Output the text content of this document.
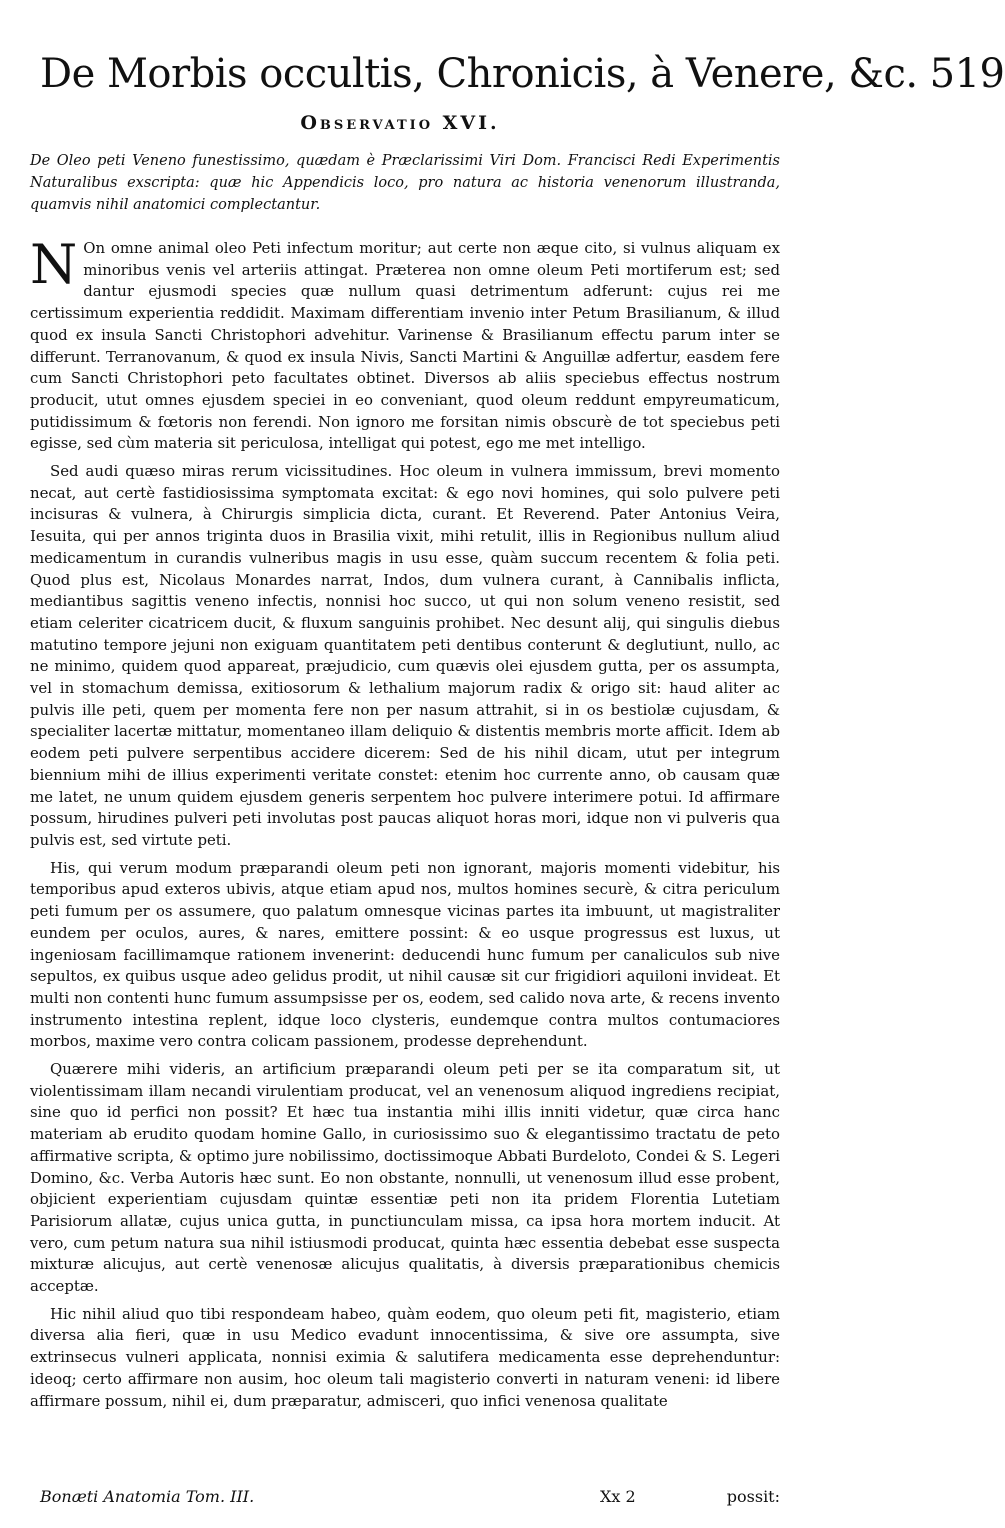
De Morbis occultis, Chronicis, à Venere, &c. 519
Observatio XVI.
De Oleo peti Veneno funestissimo, quædam è Præclarissimi Viri Dom. Francisci Redi Experimentis Naturalibus exscripta: quæ hic Appendicis loco, pro natura ac historia venenorum illustranda, quamvis nihil anatomici complectantur.

N On omne animal oleo Peti infectum moritur; aut certe non æque cito, si vulnus aliquam ex minoribus venis vel arteriis attingat. Præterea non omne oleum Peti mortiferum est; sed dantur ejusmodi species quæ nullum quasi detrimentum adferunt: cujus rei me certissimum experientia reddidit. Maximam differentiam invenio inter Petum Brasilianum, & illud quod ex insula Sancti Christophori advehitur. Varinense & Brasilianum effectu parum inter se differunt. Terranovanum, & quod ex insula Nivis, Sancti Martini & Anguillæ adfertur, easdem fere cum Sancti Christophori peto facultates obtinet. Diversos ab aliis speciebus effectus nostrum producit, utut omnes ejusdem speciei in eo conveniant, quod oleum reddunt empyreumaticum, putidissimum & fœtoris non ferendi. Non ignoro me forsitan nimis obscurè de tot speciebus peti egisse, sed cùm materia sit periculosa, intelligat qui potest, ego me met intelligo.

Sed audi quæso miras rerum vicissitudines. Hoc oleum in vulnera immissum, brevi momento necat, aut certè fastidiosissima symptomata excitat: & ego novi homines, qui solo pulvere peti incisuras & vulnera, à Chirurgis simplicia dicta, curant. Et Reverend. Pater Antonius Veira, Iesuita, qui per annos triginta duos in Brasilia vixit, mihi retulit, illis in Regionibus nullum aliud medicamentum in curandis vulneribus magis in usu esse, quàm succum recentem & folia peti. Quod plus est, Nicolaus Monardes narrat, Indos, dum vulnera curant, à Cannibalis inflicta, mediantibus sagittis veneno infectis, nonnisi hoc succo, ut qui non solum veneno resistit, sed etiam celeriter cicatricem ducit, & fluxum sanguinis prohibet. Nec desunt alij, qui singulis diebus matutino tempore jejuni non exiguam quantitatem peti dentibus conterunt & deglutiunt, nullo, ac ne minimo, quidem quod appareat, præjudicio, cum quævis olei ejusdem gutta, per os assumpta, vel in stomachum demissa, exitiosorum & lethalium majorum radix & origo sit: haud aliter ac pulvis ille peti, quem per momenta fere non per nasum attrahit, si in os bestiolæ cujusdam, & specialiter lacertæ mittatur, momentaneo illam deliquio & distentis membris morte afficit. Idem ab eodem peti pulvere serpentibus accidere dicerem: Sed de his nihil dicam, utut per integrum biennium mihi de illius experimenti veritate constet: etenim hoc currente anno, ob causam quæ me latet, ne unum quidem ejusdem generis serpentem hoc pulvere interimere potui. Id affirmare possum, hirudines pulveri peti involutas post paucas aliquot horas mori, idque non vi pulveris qua pulvis est, sed virtute peti.

His, qui verum modum præparandi oleum peti non ignorant, majoris momenti videbitur, his temporibus apud exteros ubivis, atque etiam apud nos, multos homines securè, & citra periculum peti fumum per os assumere, quo palatum omnesque vicinas partes ita imbuunt, ut magistraliter eundem per oculos, aures, & nares, emittere possint: & eo usque progressus est luxus, ut ingeniosam facillimamque rationem invenerint: deducendi hunc fumum per canaliculos sub nive sepultos, ex quibus usque adeo gelidus prodit, ut nihil causæ sit cur frigidiori aquiloni invideat. Et multi non contenti hunc fumum assumpsisse per os, eodem, sed calido nova arte, & recens invento instrumento intestina replent, idque loco clysteris, eundemque contra multos contumaciores morbos, maxime vero contra colicam passionem, prodesse deprehendunt.

Quærere mihi videris, an artificium præparandi oleum peti per se ita comparatum sit, ut violentissimam illam necandi virulentiam producat, vel an venenosum aliquod ingrediens recipiat, sine quo id perfici non possit? Et hæc tua instantia mihi illis inniti videtur, quæ circa hanc materiam ab erudito quodam homine Gallo, in curiosissimo suo & elegantissimo tractatu de peto affirmative scripta, & optimo jure nobilissimo, doctissimoque Abbati Burdeloto, Condei & S. Legeri Domino, &c. Verba Autoris hæc sunt. Eo non obstante, nonnulli, ut venenosum illud esse probent, objicient experientiam cujusdam quintæ essentiæ peti non ita pridem Florentia Lutetiam Parisiorum allatæ, cujus unica gutta, in punctiunculam missa, ca ipsa hora mortem inducit. At vero, cum petum natura sua nihil istiusmodi producat, quinta hæc essentia debebat esse suspecta mixturæ alicujus, aut certè venenosæ alicujus qualitatis, à diversis præparationibus chemicis acceptæ.

Hic nihil aliud quo tibi respondeam habeo, quàm eodem, quo oleum peti fit, magisterio, etiam diversa alia fieri, quæ in usu Medico evadunt innocentissima, & sive ore assumpta, sive extrinsecus vulneri applicata, nonnisi eximia & salutifera medicamenta esse deprehenduntur: ideoq; certo affirmare non ausim, hoc oleum tali magisterio converti in naturam veneni: id libere affirmare possum, nihil ei, dum præparatur, admisceri, quo infici venenosa qualitate

Bonæti Anatomia Tom. III.	Xx 2	possit:
